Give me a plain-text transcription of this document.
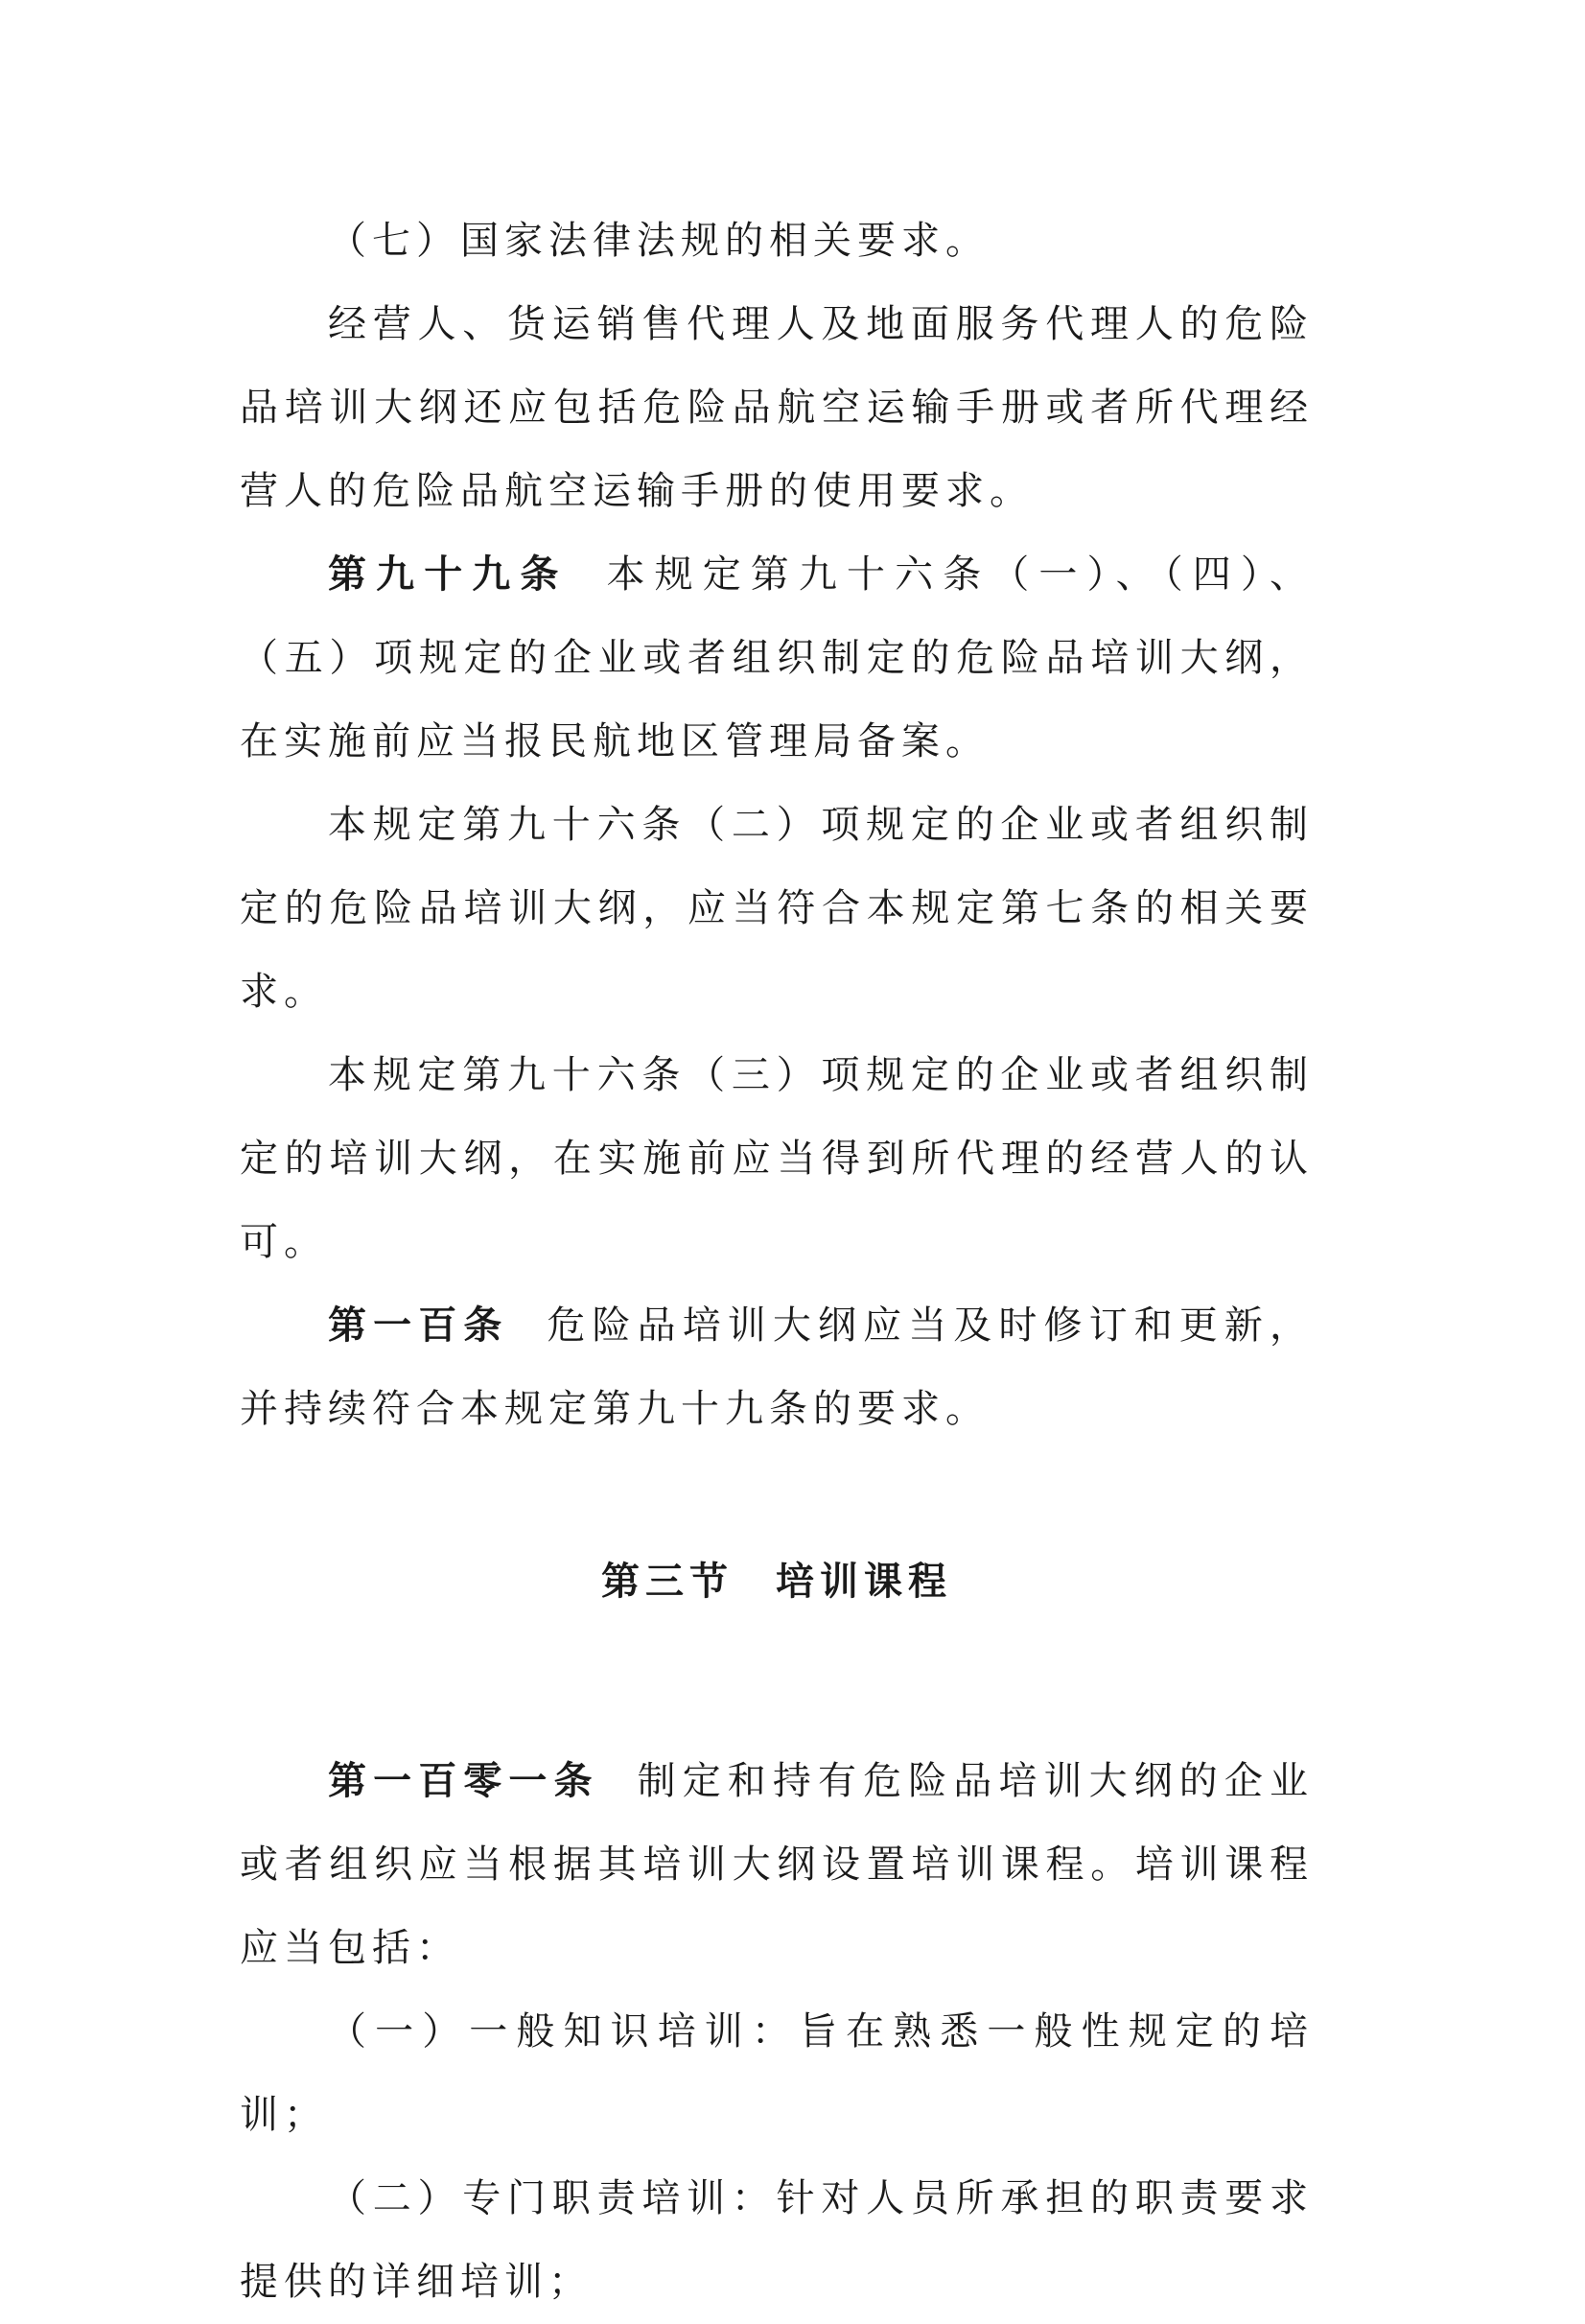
（七）国家法律法规的相关要求。

经营人、货运销售代理人及地面服务代理人的危险品培训大纲还应包括危险品航空运输手册或者所代理经营人的危险品航空运输手册的使用要求。

第九十九条 本规定第九十六条（一）、（四）、（五）项规定的企业或者组织制定的危险品培训大纲，在实施前应当报民航地区管理局备案。

本规定第九十六条（二）项规定的企业或者组织制定的危险品培训大纲，应当符合本规定第七条的相关要求。

本规定第九十六条（三）项规定的企业或者组织制定的培训大纲，在实施前应当得到所代理的经营人的认可。

第一百条 危险品培训大纲应当及时修订和更新，并持续符合本规定第九十九条的要求。

第三节 培训课程

第一百零一条 制定和持有危险品培训大纲的企业或者组织应当根据其培训大纲设置培训课程。培训课程应当包括：

（一）一般知识培训：旨在熟悉一般性规定的培训；

（二）专门职责培训：针对人员所承担的职责要求提供的详细培训；
